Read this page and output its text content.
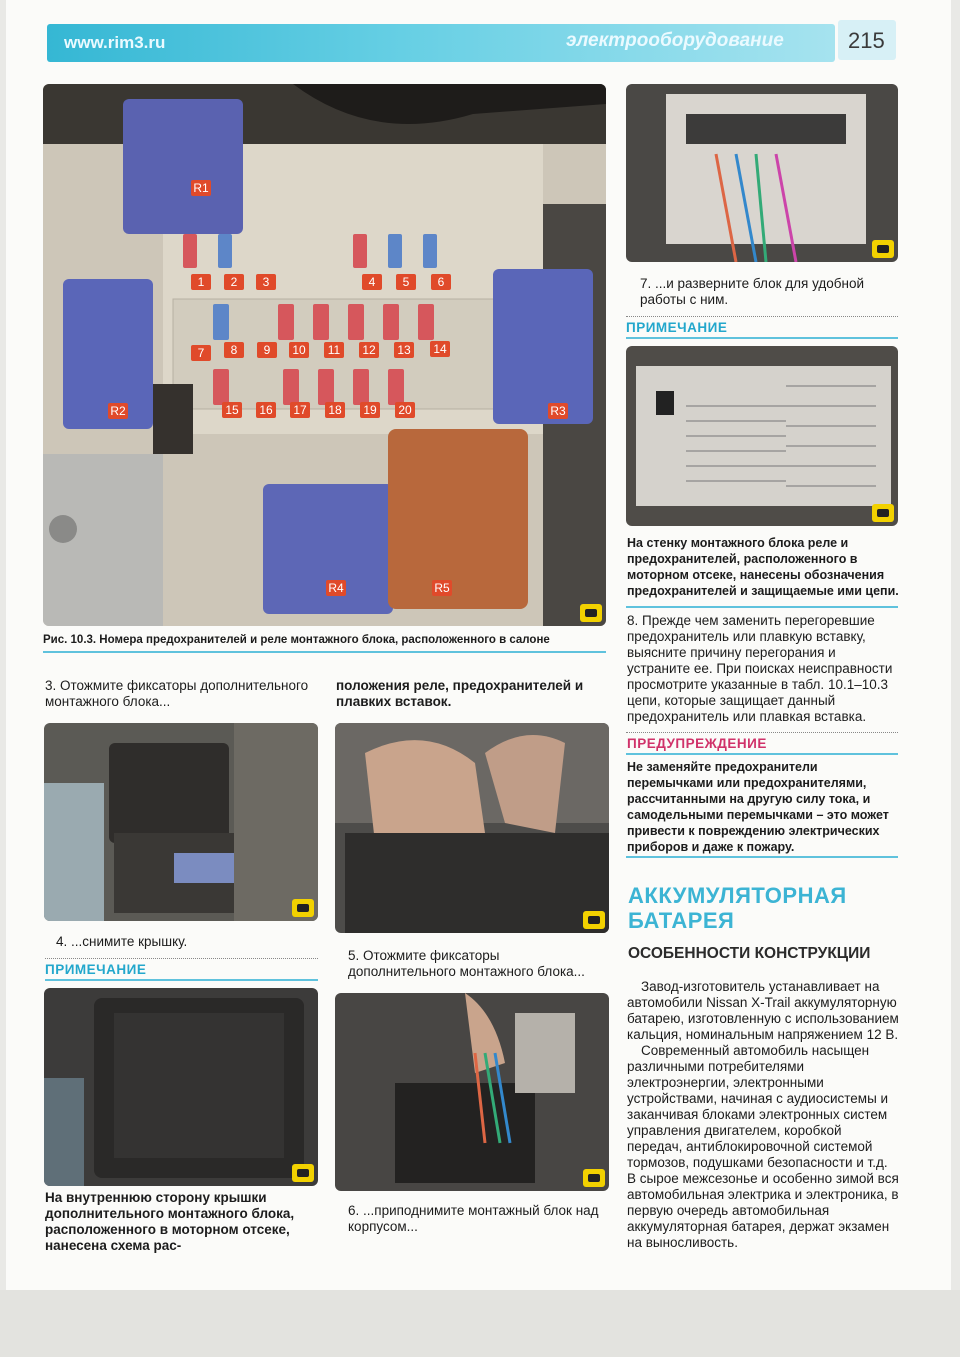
www.rim3.ru	электрооборудование	215
R1
R2	R3
R4	R5
1	2	3	4	5	6
7	8	9	10	11	12 13 14
15 16 17 18 19 20
Рис. 10.3. Номера предохранителей и реле монтажного блока, расположенного в салоне
3. Отожмите фиксаторы дополнительного монтажного блока...
4. ...снимите крышку.
ПРИМЕЧАНИЕ
На внутреннюю сторону крышки дополнительного монтажного блока, расположенного в моторном отсеке, нанесена схема рас-
положения реле, предохранителей и плавких вставок.
5. Отожмите фиксаторы дополнительного монтажного блока...
6. ...приподнимите монтажный блок над корпусом...
7. ...и разверните блок для удобной работы с ним.
ПРИМЕЧАНИЕ
На стенку монтажного блока реле и предохранителей, расположенного в моторном отсеке, нанесены обозначения предохранителей и защищаемые ими цепи.
8. Прежде чем заменить перегоревшие предохранитель или плавкую вставку, выясните причину перегорания и устраните ее. При поисках неисправности просмотрите указанные в табл. 10.1–10.3 цепи, которые защищает данный предохранитель или плавкая вставка.
ПРЕДУПРЕЖДЕНИЕ
Не заменяйте предохранители перемычками или предохранителями, рассчитанными на другую силу тока, и самодельными перемычками – это может привести к повреждению электрических приборов и даже к пожару.
АККУМУЛЯТОРНАЯ
БАТАРЕЯ
ОСОБЕННОСТИ КОНСТРУКЦИИ
Завод-изготовитель устанавливает на автомобили Nissan X-Trail аккумуляторную батарею, изготовленную с использованием кальция, номинальным напряжением 12 В.
Современный автомобиль насыщен различными потребителями электроэнергии, электронными устройствами, начиная с аудиосистемы и заканчивая блоками электронных систем управления двигателем, коробкой передач, антиблокировочной системой тормозов, подушками безопасности и т.д. В сырое межсезонье и особенно зимой вся автомобильная электрика и электроника, в первую очередь автомобильная аккумуляторная батарея, держат экзамен на выносливость.
